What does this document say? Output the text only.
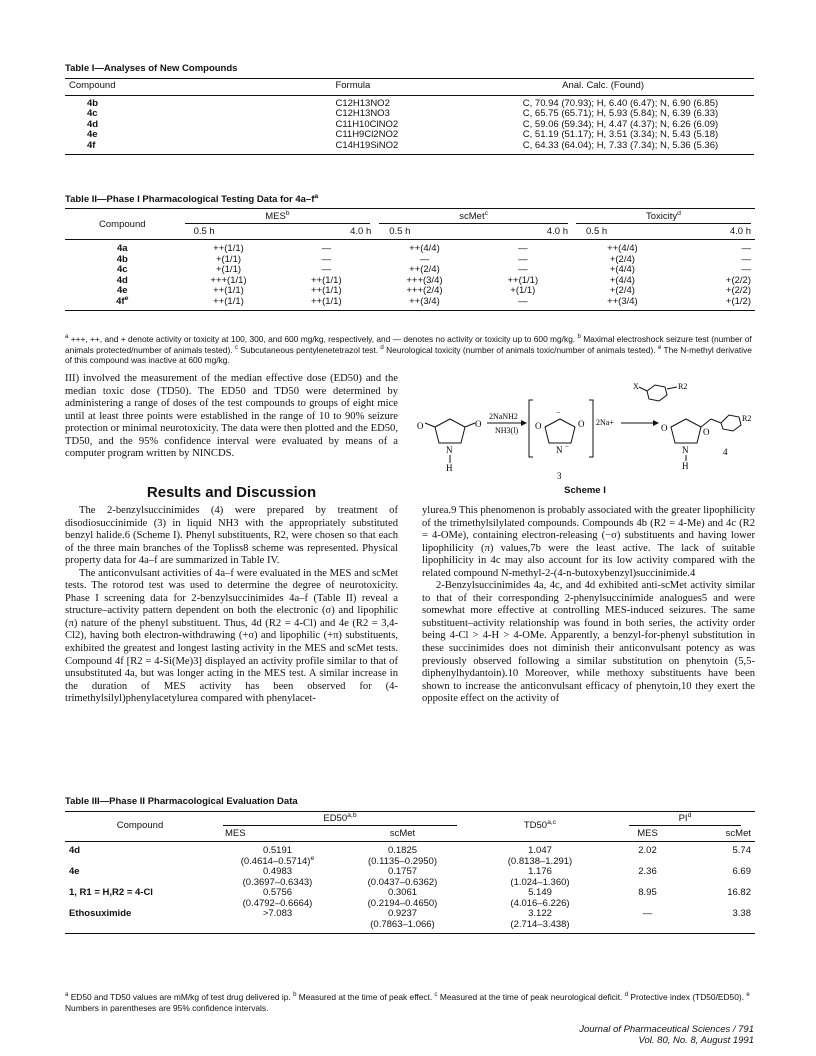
Table I—Analyses of New Compounds
Compound	Formula	Anal. Calc. (Found)
4b	C12H13NO2	C, 70.94 (70.93); H, 6.40 (6.47); N, 6.90 (6.85)
4c	C12H13NO3	C, 65.75 (65.71); H, 5.93 (5.84); N, 6.39 (6.33)
4d	C11H10ClNO2	C, 59.06 (59.34); H, 4.47 (4.37); N, 6.26 (6.09)
4e	C11H9Cl2NO2	C, 51.19 (51.17); H, 3.51 (3.34); N, 5.43 (5.18)
4f	C14H19SiNO2	C, 64.33 (64.04); H, 7.33 (7.34); N, 5.36 (5.36)
Table II—Phase I Pharmacological Testing Data for $4a-f^a$
Compound	MES$^b$		scMet$^c$		Toxicity$^d$
	0.5 h	4.0 h	0.5 h	4.0 h	0.5 h	4.0 h
4a	++(1/1)	—	++(4/4)	—	++(4/4)	—
4b	+(1/1)	—	—	—	+(2/4)	—
4c	+(1/1)	—	++(2/4)	—	+(4/4)	—
4d	+++(1/1)	++(1/1)	+++(3/4)	++(1/1)	+(4/4)	+(2/2)
4e	++(1/1)	++(1/1)	+++(2/4)	+(1/1)	+(2/4)	+(2/2)
$4f^e$	++(1/1)	++(1/1)	++(3/4)	—	++(3/4)	+(1/2)
$^a$ +++, ++, and + denote activity or toxicity at 100, 300, and 600 mg/kg, respectively, and — denotes no activity or toxicity up to 600 mg/kg. $^b$ Maximal electroshock seizure test (number of animals protected/number of animals tested). $^c$ Subcutaneous pentylenetetrazol test. $^d$ Neurological toxicity (number of animals toxic/number of animals tested). $^e$ The N-methyl derivative of this compound was inactive at 600 mg/kg.

III) involved the measurement of the median effective dose (ED50) and the median toxic dose (TD50). The ED50 and TD50 were determined by administering a range of doses of the test compounds to groups of eight mice until at least three points were established in the range of 10 to 90% seizure protection or minimal neurotoxicity. The data were then plotted and the ED50, TD50, and the 95% confidence interval were evaluated by means of a computer program written by NINCDS.

Results and Discussion

The 2-benzylsuccinimides (4) were prepared by treatment of disodiosuccinimide (3) in liquid NH3 with the appropriately substituted benzyl halide.6 (Scheme I). Phenyl substituents, R2, were chosen so that each of the three main branches of the Topliss8 scheme was represented. Physical property data for 4a–f are summarized in Table IV.

The anticonvulsant activities of 4a–f were evaluated in the MES and scMet tests. The rotorod test was used to determine the degree of neurotoxicity. Phase I screening data for 2-benzylsuccinimides 4a–f (Table II) reveal a structure–activity pattern dependent on both the electronic (σ) and lipophilic (π) nature of the phenyl substituent. Thus, 4d (R2 = 4-Cl) and 4e (R2 = 3,4-Cl2), having both electron-withdrawing (+σ) and lipophilic (+π) substituents, exhibited the greatest and longest lasting activity in the MES and scMet tests. Compound 4f [R2 = 4-Si(Me)3] displayed an activity profile similar to that of unsubstituted 4a, but was longer acting in the MES test. A similar increase in the duration of MES activity has been observed for (4-trimethylsilyl)phenylacetylurea compared with phenylacet-

O	O
N
H
2NaNH2
NH3(l)
−
O	O
N −
2Na+
3
X	R2
O	O
N
H
R2
4
Scheme I

ylurea.9 This phenomenon is probably associated with the greater lipophilicity of the trimethylsilylated compounds. Compounds 4b (R2 = 4-Me) and 4c (R2 = 4-OMe), containing electron-releasing (−σ) substituents and having lower lipophilicity (π) values,7b were the least active. The lack of suitable lipophilicity in 4c may also account for its low activity compared with the related compound N-methyl-2-(4-n-butoxybenzyl)succinimide.4

2-Benzylsuccinimides 4a, 4c, and 4d exhibited anti-scMet activity similar to that of their corresponding 2-phenylsuccinimide analogues5 and were somewhat more effective at controlling MES-induced seizures. The same substituent–activity relationship was found in both series, the activity order being 4-Cl > 4-H > 4-OMe. Apparently, a benzyl-for-phenyl substitution in these succinimides does not diminish their anticonvulsant potency as was previously observed following a similar substitution on phenytoin (5,5-diphenylhydantoin).10 Moreover, while methoxy substituents have been shown to increase the anticonvulsant efficacy of phenytoin,10 they exert the opposite effect on the activity of

Table III—Phase II Pharmacological Evaluation Data
Compound	ED50$^{a,b}$		TD50$^{a,c}$	$PI^d$
	MES	scMet		MES	scMet
4d	0.5191	0.1825	1.047	2.02	5.74
	$(0.4614-0.5714)^e$	(0.1135–0.2950)	(0.8138–1.291)		
4e	0.4983	0.1757	1.176	2.36	6.69
	(0.3697–0.6343)	(0.0437–0.6362)	(1.024–1.360)		
1, R1 = H,R2 = 4-Cl	0.5756	0.3061	5.149	8.95	16.82
	(0.4792–0.6664)	(0.2194–0.4650)	(4.016–6.226)		
Ethosuximide	>7.083	0.9237	3.122	—	3.38
		(0.7863–1.066)	(2.714–3.438)		
$^a$ ED50 and TD50 values are mM/kg of test drug delivered ip. $^b$ Measured at the time of peak effect. $^c$ Measured at the time of peak neurological deficit. $^d$ Protective index (TD50/ED50). $^e$ Numbers in parentheses are 95% confidence intervals.
Journal of Pharmaceutical Sciences / 791
Vol. 80, No. 8, August 1991
